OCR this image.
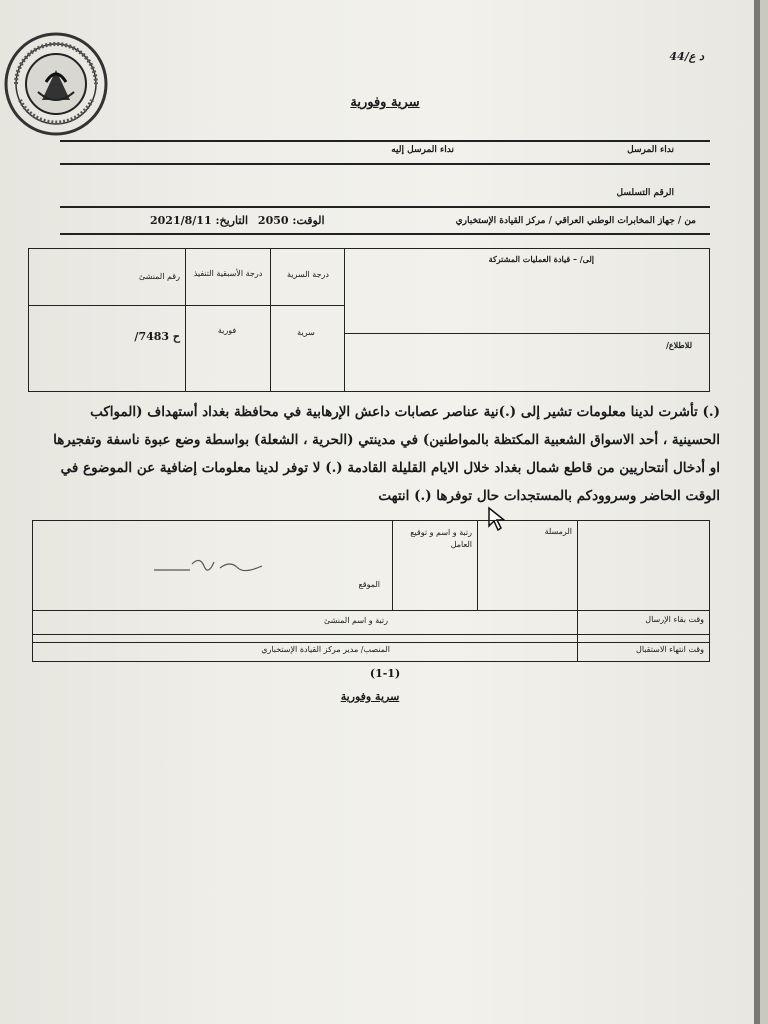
د ع/44
سرية وفورية
نداء المرسل
نداء المرسل إليه
الرقم التسلسل
من / جهاز المخابرات الوطني العراقي / مركز القيادة الإستخباري
الوقت: 2050 التاريخ: 2021/8/11
إلى/ – قيادة العمليات المشتركة
للاطلاع/
درجة السرية
درجة الأسبقية التنفيذ
رقم المنشئ
سرية
فورية
ح 7483/
(.) تأشرت لدينا معلومات تشير إلى (.)نية عناصر عصابات داعش الإرهابية في محافظة بغداد أستهداف (المواكب
الحسينية ، أحد الاسواق الشعبية المكتظة بالمواطنين) في مدينتي (الحرية ، الشعلة) بواسطة وضع عبوة ناسفة وتفجيرها
او أدخال أنتحاريين من قاطع شمال بغداد خلال الايام القليلة القادمة (.) لا توفر لدينا معلومات إضافية عن الموضوع في
الوقت الحاضر وسروودكم بالمستجدات حال توفرها (.) انتهت
الرمسلة
رتبة و اسم و توقيع العامل
الموقع
رتبة و اسم المنشئ
المنصب/ مدير مركز القيادة الإستخباري
وقت بقاء الإرسال
وقت انتهاء الاستقبال
(1-1)
سرية وفورية
